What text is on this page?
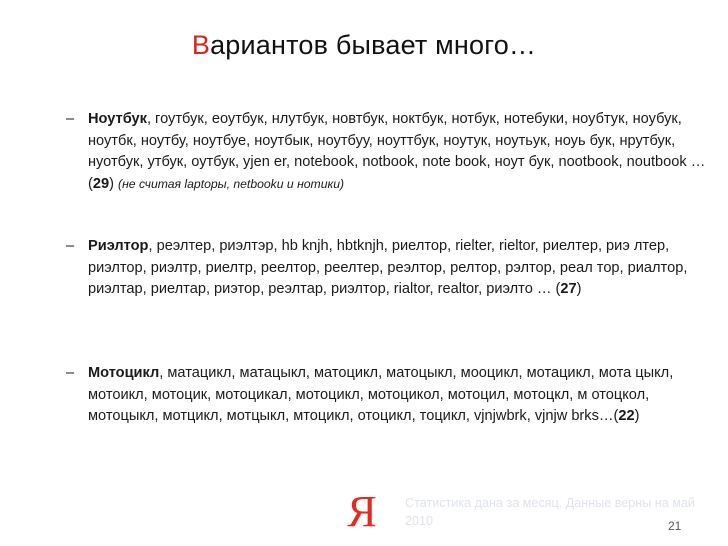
Вариантов бывает много…
– Ноутбук, гоутбук, еоутбук, нлутбук, новтбук, ноктбук, нотбук, нотебуки, ноубтук, ноубук, ноутбк, ноутбу, ноутбуе, ноутбык, ноутбуу, ноуттбук, ноутук, ноутьук, ноуь бук, нрутбук, нуотбук, утбук, оутбук, yjen er, notebook, notbook, note book, ноут бук, nootbook, noutbook … (29) (не считая laptopы, netbookи и нотики)
– Риэлтор, реэлтер, риэлтэр, hb knjh, hbtknjh, риелтор, rielter, rieltor, риелтер, риэ лтер, риэлтор, риэлтр, риелтр, реелтор, реелтер, реэлтор, релтор, рэлтор, реал тор, риалтор, риэлтар, риелтар, риэтор, реэлтар, риэлтор, rialtor, realtor, риэлто … (27)
– Мотоцикл, матацикл, матацыкл, матоцикл, матоцыкл, мооцикл, мотацикл, мота цыкл, мотоикл, мотоцик, мотоцикал, мотоцикл, мотоцикол, мотоцил, мотоцкл, м отоцкол, мотоцыкл, мотцикл, мотцыкл, мтоцикл, отоцикл, тоцикл, vjnjwbrk, vjnjw brks…(22)
Я Статистика дана за месяц. Данные верны на май 2010	21
